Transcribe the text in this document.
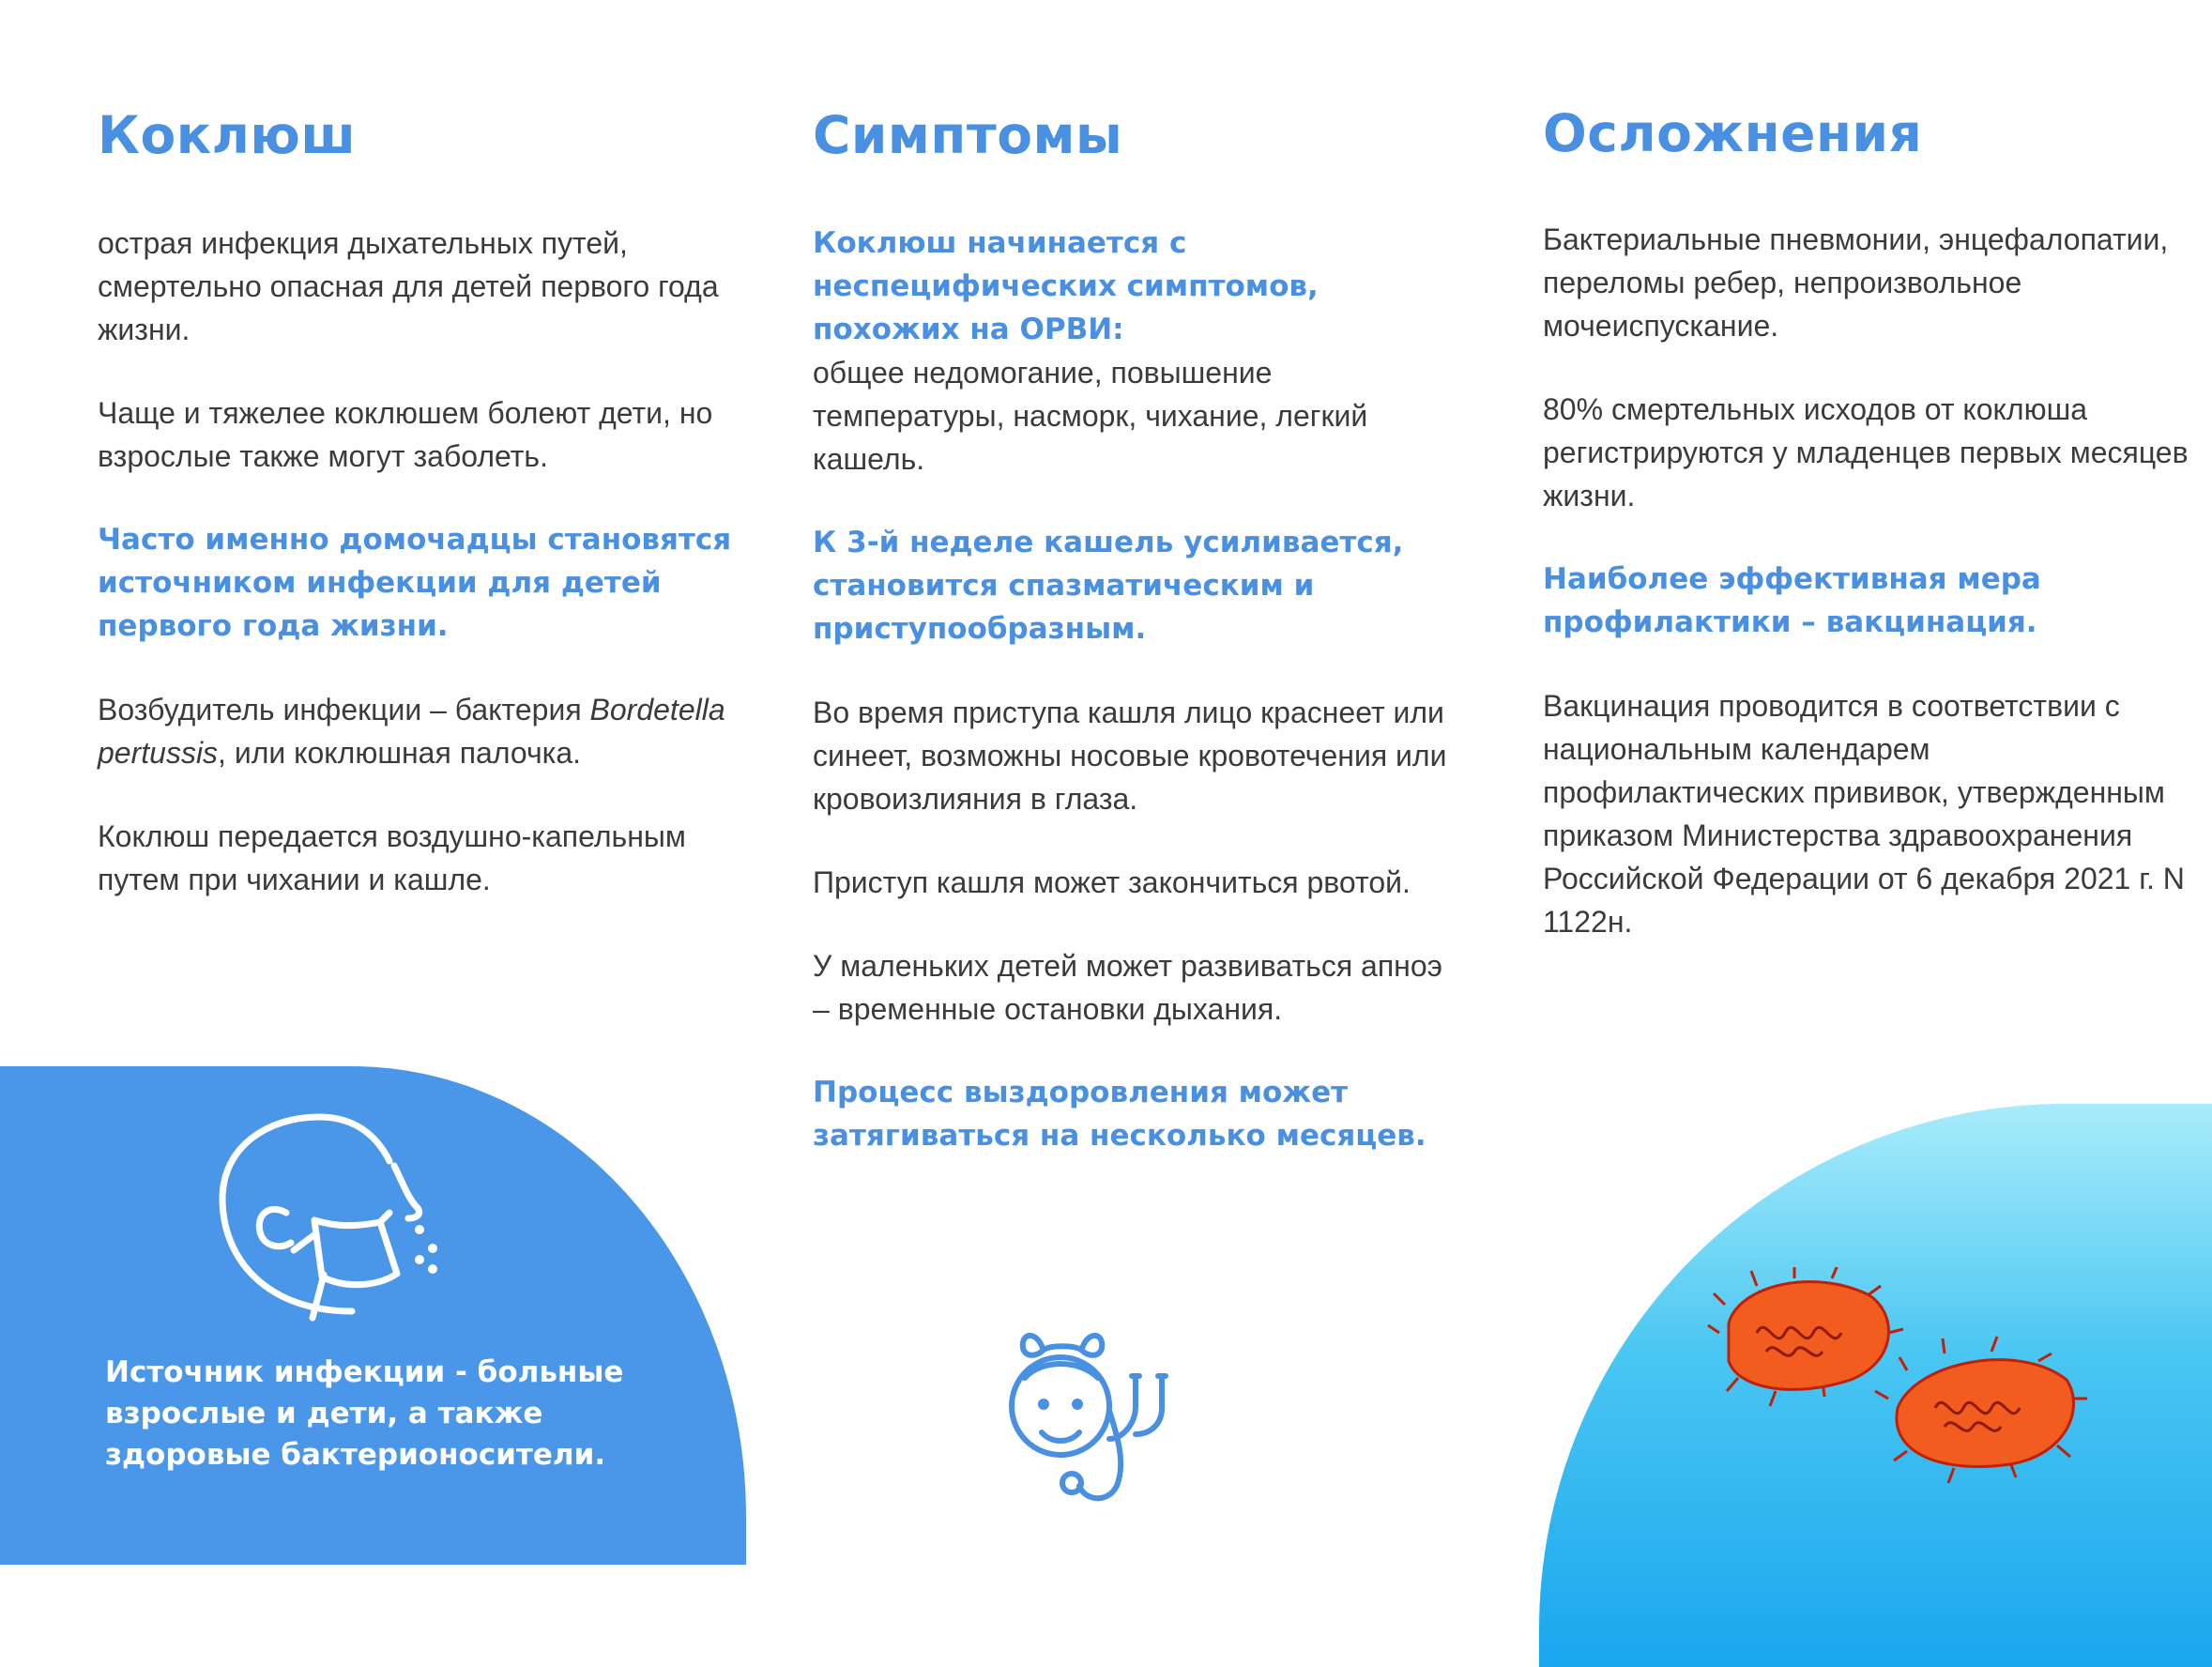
Коклюш

острая инфекция дыхательных путей, смертельно опасная для детей первого года жизни.

Чаще и тяжелее коклюшем болеют дети, но взрослые также могут заболеть.

Часто именно домочадцы становятся источником инфекции для детей первого года жизни.

Возбудитель инфекции – бактерия Bordetella pertussis, или коклюшная палочка.

Коклюш передается воздушно-капельным путем при чихании и кашле.

Симптомы

Коклюш начинается с неспецифических симптомов, похожих на ОРВИ:
общее недомогание, повышение температуры, насморк, чихание, легкий кашель.

К 3-й неделе кашель усиливается, становится спазматическим и приступообразным.

Во время приступа кашля лицо краснеет или синеет, возможны носовые кровотечения или кровоизлияния в глаза.

Приступ кашля может закончиться рвотой.

У маленьких детей может развиваться апноэ – временные остановки дыхания.

Процесс выздоровления может затягиваться на несколько месяцев.

Осложнения

Бактериальные пневмонии, энцефалопатии, переломы ребер, непроизвольное мочеиспускание.

80% смертельных исходов от коклюша регистрируются у младенцев первых месяцев жизни.

Наиболее эффективная мера профилактики – вакцинация.

Вакцинация проводится в соответствии с национальным календарем профилактических прививок, утвержденным приказом Министерства здравоохранения Российской Федерации от 6 декабря 2021 г. N 1122н.

Источник инфекции - больные взрослые и дети, а также здоровые бактерионосители.
